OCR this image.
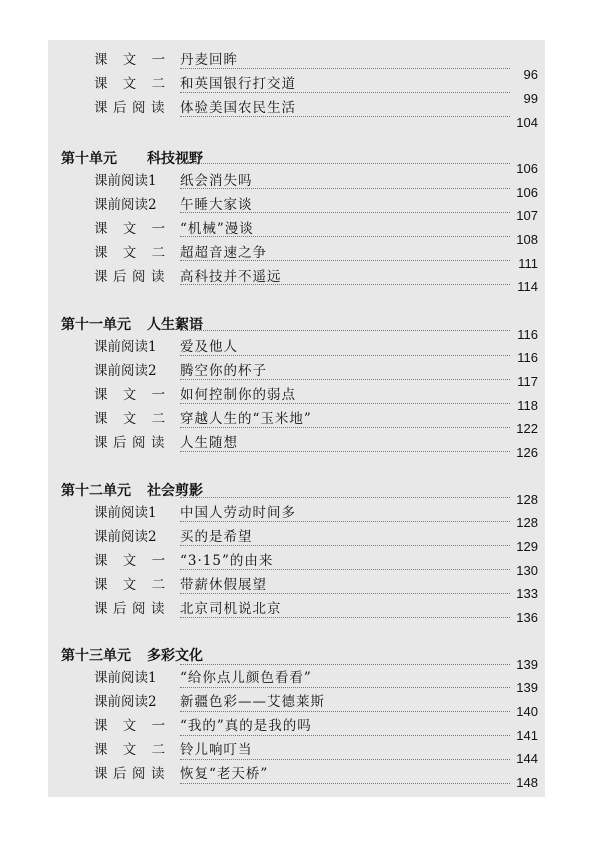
课 文 一 丹麦回眸
96
课 文 二 和英国银行打交道
99
课后阅读 体验美国农民生活
104
第十单元 科技视野
106
课前阅读1 纸会消失吗
106
课前阅读2 午睡大家谈
107
课 文 一 “机械”漫谈
108
课 文 二 超超音速之争
111
课后阅读 高科技并不遥远
114
第十一单元 人生絮语
116
课前阅读1 爱及他人
116
课前阅读2 腾空你的杯子
117
课 文 一 如何控制你的弱点
118
课 文 二 穿越人生的“玉米地”
122
课后阅读 人生随想
126
第十二单元 社会剪影
128
课前阅读1 中国人劳动时间多
128
课前阅读2 买的是希望
129
课 文 一 “3·15”的由来
130
课 文 二 带薪休假展望
133
课后阅读 北京司机说北京
136
第十三单元 多彩文化
139
课前阅读1 “给你点儿颜色看看”
139
课前阅读2 新疆色彩——艾德莱斯
140
课 文 一 “我的”真的是我的吗
141
课 文 二 铃儿响叮当
144
课后阅读 恢复“老天桥”
148
